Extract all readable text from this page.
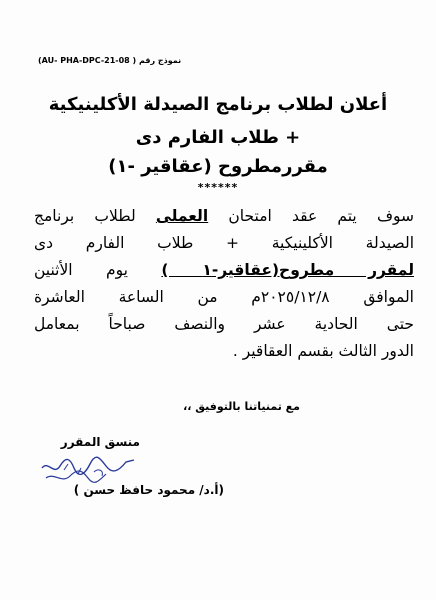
(AU- PHA-DPC-21-08 ) نموذج رقم
أعلان لطلاب برنامج الصيدلة الأكلينيكية
+ طلاب الفارم دى
مقررمطروح (عقاقير -١)
******
سوف يتم عقد امتحان العملى لطلاب برنامج
الصيدلة الأكلينيكية + طلاب الفارم دى
لمقرر مطروح(عقاقير-١ ) يوم الأثنين
الموافق ٢٠٢٥/١٢/٨م من الساعة العاشرة
حتى الحادية عشر والنصف صباحاً بمعامل
الدور الثالث بقسم العقاقير .
مع تمنياتنا بالتوفيق ،،
منسق المقرر
(أ.د/ محمود حافظ حسن )
